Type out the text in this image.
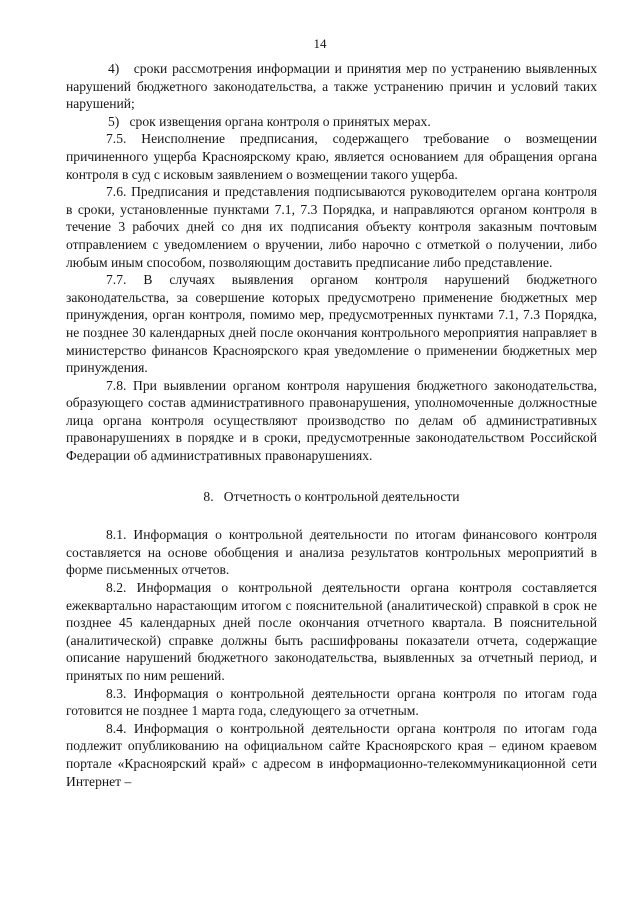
14

4)   сроки рассмотрения информации и принятия мер по устранению выявленных нарушений бюджетного законодательства, а также устранению причин и условий таких нарушений;

5)   срок извещения органа контроля о принятых мерах.

7.5. Неисполнение предписания, содержащего требование о возмещении причиненного ущерба Красноярскому краю, является основанием для обращения органа контроля в суд с исковым заявлением о возмещении такого ущерба.

7.6. Предписания и представления подписываются руководителем органа контроля в сроки, установленные пунктами 7.1, 7.3 Порядка, и направляются органом контроля в течение 3 рабочих дней со дня их подписания объекту контроля заказным почтовым отправлением с уведомлением о вручении, либо нарочно с отметкой о получении, либо любым иным способом, позволяющим доставить предписание либо представление.

7.7. В случаях выявления органом контроля нарушений бюджетного законодательства, за совершение которых предусмотрено применение бюджетных мер принуждения, орган контроля, помимо мер, предусмотренных пунктами 7.1, 7.3 Порядка, не позднее 30 календарных дней после окончания контрольного мероприятия направляет в министерство финансов Красноярского края уведомление о применении бюджетных мер принуждения.

7.8. При выявлении органом контроля нарушения бюджетного законодательства, образующего состав административного правонарушения, уполномоченные должностные лица органа контроля осуществляют производство по делам об административных правонарушениях в порядке и в сроки, предусмотренные законодательством Российской Федерации об административных правонарушениях.

8.   Отчетность о контрольной деятельности

8.1. Информация о контрольной деятельности по итогам финансового контроля составляется на основе обобщения и анализа результатов контрольных мероприятий в форме письменных отчетов.

8.2. Информация о контрольной деятельности органа контроля составляется ежеквартально нарастающим итогом с пояснительной (аналитической) справкой в срок не позднее 45 календарных дней после окончания отчетного квартала. В пояснительной (аналитической) справке должны быть расшифрованы показатели отчета, содержащие описание нарушений бюджетного законодательства, выявленных за отчетный период, и принятых по ним решений.

8.3. Информация о контрольной деятельности органа контроля по итогам года готовится не позднее 1 марта года, следующего за отчетным.

8.4. Информация о контрольной деятельности органа контроля по итогам года подлежит опубликованию на официальном сайте Красноярского края – едином краевом портале «Красноярский край» с адресом в информационно-телекоммуникационной сети Интернет –
